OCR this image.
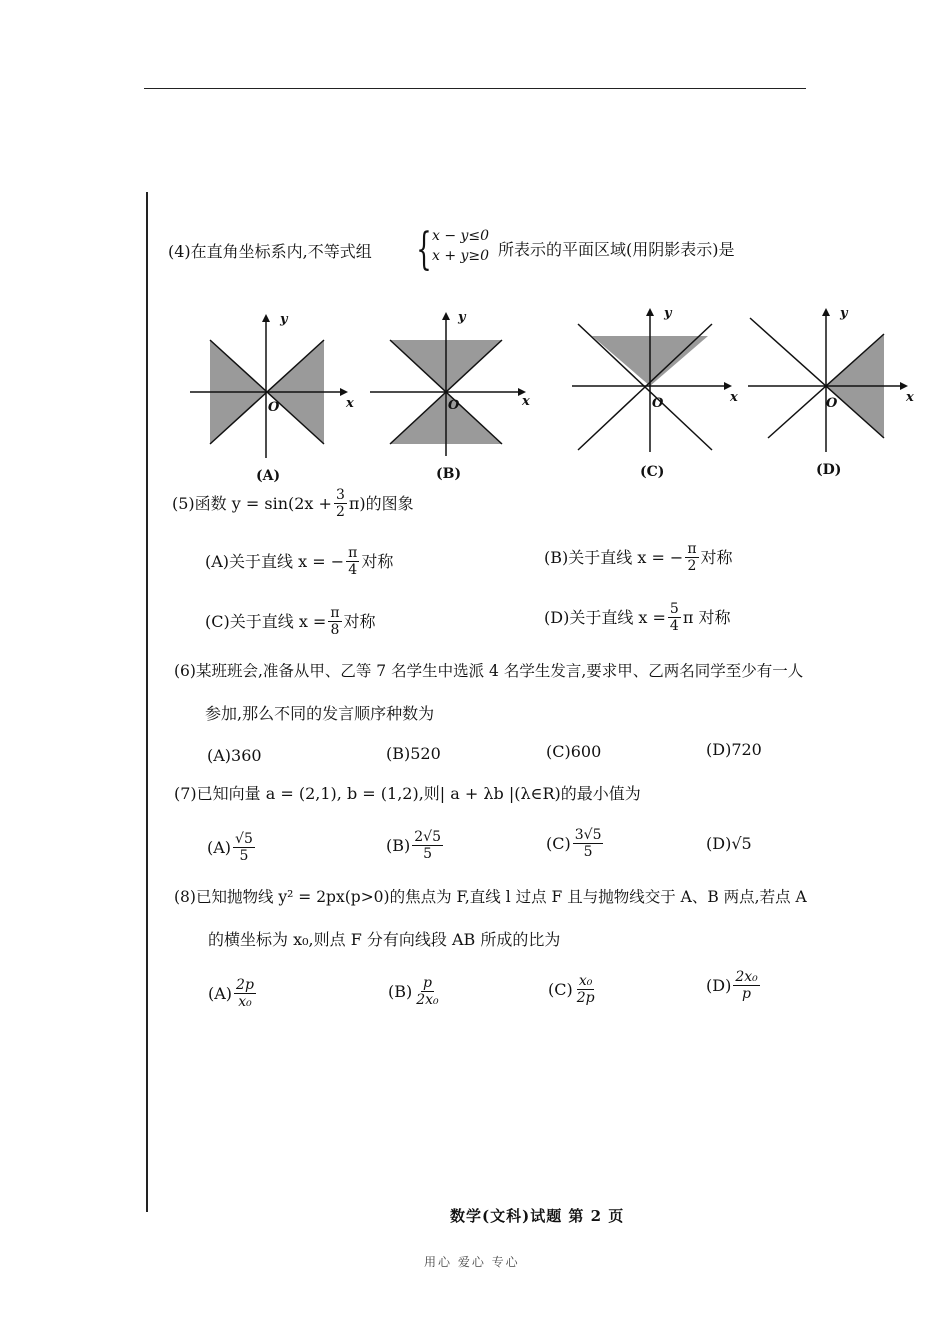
(4)在直角坐标系内,不等式组 { x − y≤0
x + y≥0 所表示的平面区域(用阴影表示)是
y
x
O
(A)
y
x
O
(B)
y
x
O
(C)
y
x
O
(D)
(5)函数 $y = \sin(2x + \frac{3}{2} \pi)$的图象
(A)关于直线 x = − $\frac{\pi}{4}$ 对称	(B)关于直线 x = − $\frac{\pi}{2}$ 对称
(C)关于直线 $x = \frac{\pi}{8}$ 对称	(D)关于直线 $x = \frac{5}{4}$ π 对称
(6)某班班会,准备从甲、乙等 7 名学生中选派 4 名学生发言,要求甲、乙两名同学至少有一人
参加,那么不同的发言顺序种数为
(A)360	(B)520	(C)600	(D)720
(7)已知向量 a = (2,1), b = (1,2),则| a + λb |(λ∈R)的最小值为
$(A) \frac{√5}{5}$	$(B) \frac{2√5}{5}$	$(C) \frac{3√5}{5}$	(D)√5
(8)已知抛物线 y² = 2px(p>0)的焦点为 F,直线 l 过点 F 且与抛物线交于 A、B 两点,若点 A
的横坐标为 x₀,则点 F 分有向线段 AB 所成的比为
$(A) \frac{2p}{\text{x₀}}$	$(B) \frac{p}{\text{2x₀}}$	$(C) \frac{\text{x₀}}{2p}$	$(D) \frac{\text{2x₀}}{p}$
数学(文科)试题 第 2 页
用心 爱心 专心
